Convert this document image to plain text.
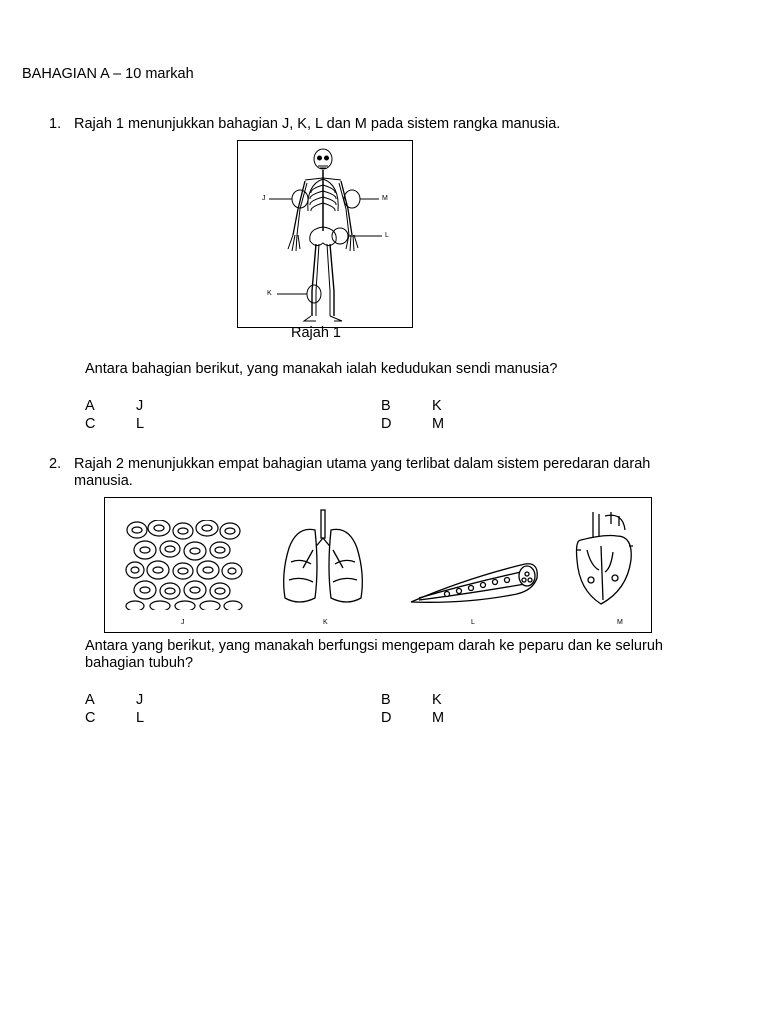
BAHAGIAN A – 10 markah
1. Rajah 1 menunjukkan bahagian J, K, L dan M pada sistem rangka manusia.
J	M
L
K
Rajah 1
Antara bahagian berikut, yang manakah ialah kedudukan sendi manusia?
A	J	B	K
C	L	D	M
2. Rajah 2 menunjukkan empat bahagian utama yang terlibat dalam sistem peredaran darah
manusia.
J	K	L	M
Antara yang berikut, yang manakah berfungsi mengepam darah ke peparu dan ke seluruh
bahagian tubuh?
A	J	B	K
C	L	D	M
